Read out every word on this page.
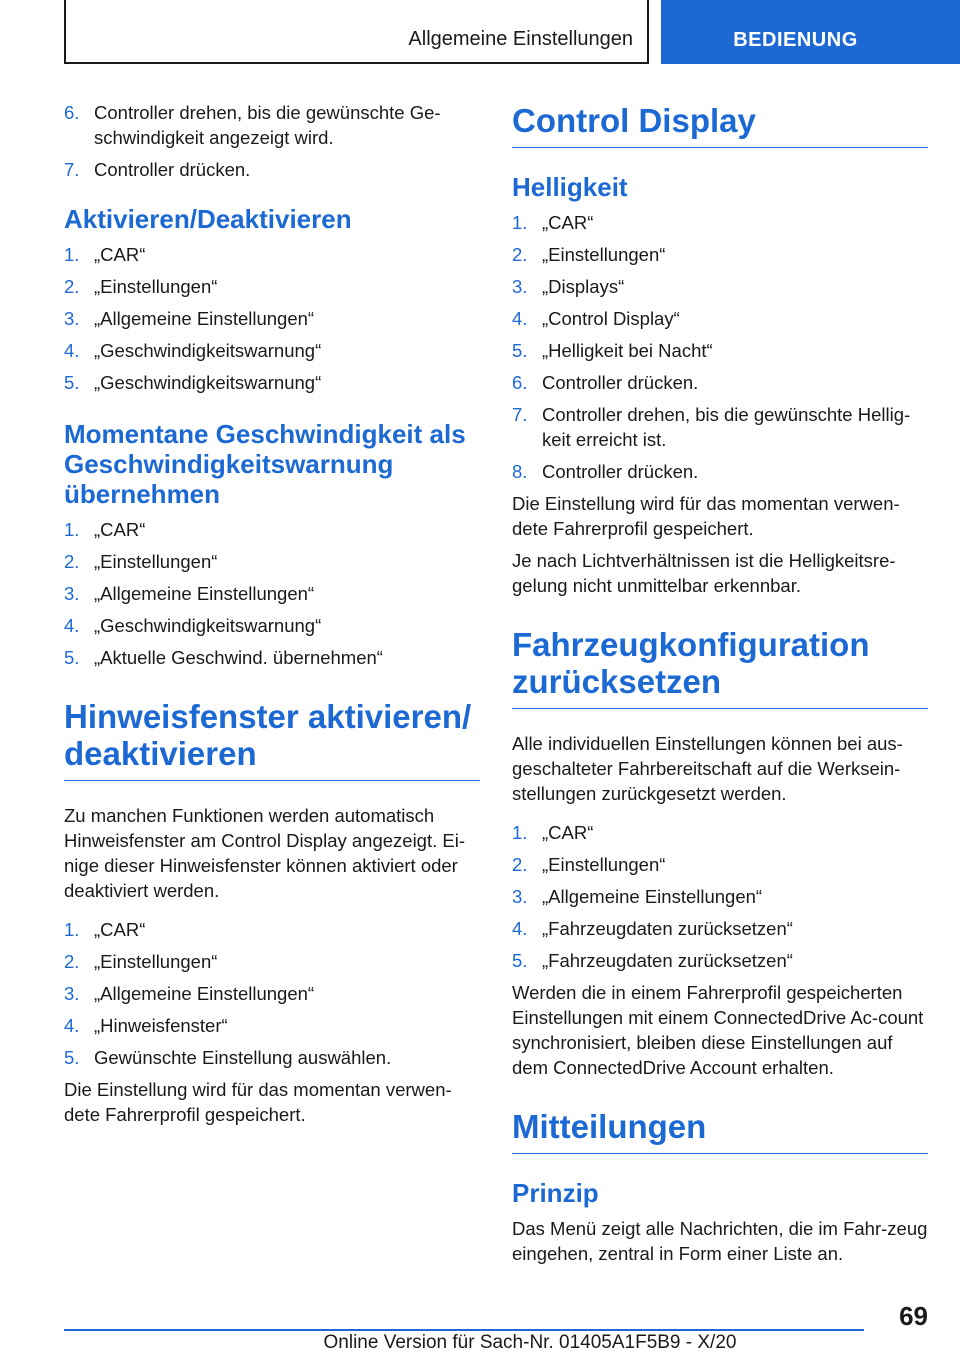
Allgemeine Einstellungen	BEDIENUNG
6. Controller drehen, bis die gewünschte Ge‐schwindigkeit angezeigt wird.
7. Controller drücken.
Aktivieren/Deaktivieren
1. „CAR“
2. „Einstellungen“
3. „Allgemeine Einstellungen“
4. „Geschwindigkeitswarnung“
5. „Geschwindigkeitswarnung“
Momentane Geschwindigkeit als Geschwindigkeitswarnung übernehmen
1. „CAR“
2. „Einstellungen“
3. „Allgemeine Einstellungen“
4. „Geschwindigkeitswarnung“
5. „Aktuelle Geschwind. übernehmen“
Hinweisfenster aktivieren/ deaktivieren

Zu manchen Funktionen werden automatisch Hinweisfenster am Control Display angezeigt. Ei‐nige dieser Hinweisfenster können aktiviert oder deaktiviert werden.

1. „CAR“
2. „Einstellungen“
3. „Allgemeine Einstellungen“
4. „Hinweisfenster“
5. Gewünschte Einstellung auswählen.

Die Einstellung wird für das momentan verwen‐dete Fahrerprofil gespeichert.

Control Display
Helligkeit
1. „CAR“
2. „Einstellungen“
3. „Displays“
4. „Control Display“
5. „Helligkeit bei Nacht“
6. Controller drücken.
7. Controller drehen, bis die gewünschte Hellig‐keit erreicht ist.
8. Controller drücken.

Die Einstellung wird für das momentan verwen‐dete Fahrerprofil gespeichert.

Je nach Lichtverhältnissen ist die Helligkeitsre‐gelung nicht unmittelbar erkennbar.

Fahrzeugkonfiguration zurücksetzen

Alle individuellen Einstellungen können bei aus‐geschalteter Fahrbereitschaft auf die Werksein‐stellungen zurückgesetzt werden.

1. „CAR“
2. „Einstellungen“
3. „Allgemeine Einstellungen“
4. „Fahrzeugdaten zurücksetzen“
5. „Fahrzeugdaten zurücksetzen“

Werden die in einem Fahrerprofil gespeicherten Einstellungen mit einem ConnectedDrive Ac‐count synchronisiert, bleiben diese Einstellungen auf dem ConnectedDrive Account erhalten.

Mitteilungen
Prinzip

Das Menü zeigt alle Nachrichten, die im Fahr‐zeug eingehen, zentral in Form einer Liste an.

69
Online Version für Sach-Nr. 01405A1F5B9 - X/20
